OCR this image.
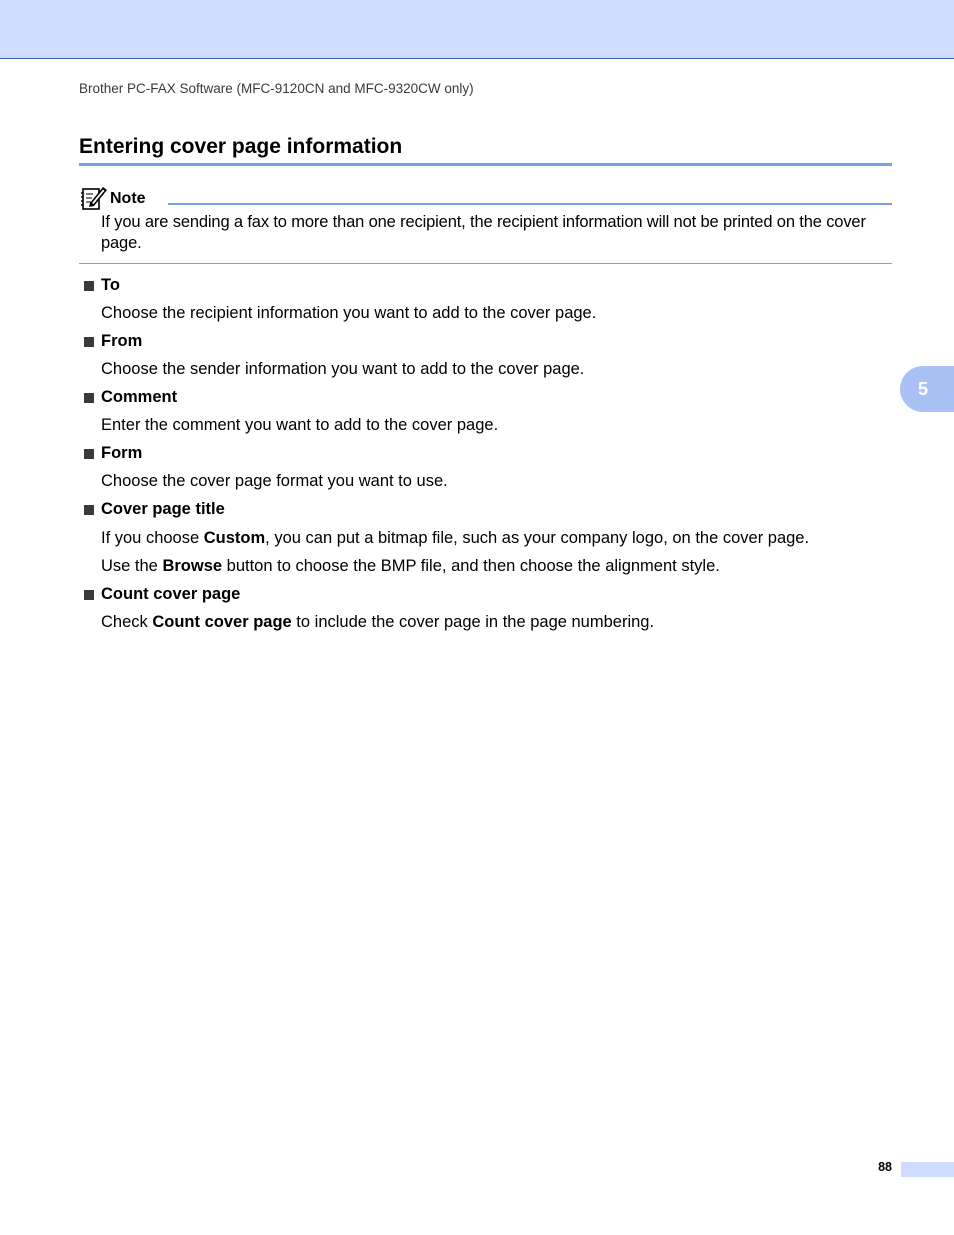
Brother PC-FAX Software (MFC-9120CN and MFC-9320CW only)
Entering cover page information
Note
If you are sending a fax to more than one recipient, the recipient information will not be printed on the cover page.
To
Choose the recipient information you want to add to the cover page.
From
Choose the sender information you want to add to the cover page.
Comment
Enter the comment you want to add to the cover page.
Form
Choose the cover page format you want to use.
Cover page title
If you choose Custom, you can put a bitmap file, such as your company logo, on the cover page.
Use the Browse button to choose the BMP file, and then choose the alignment style.
Count cover page
Check Count cover page to include the cover page in the page numbering.
5
88
